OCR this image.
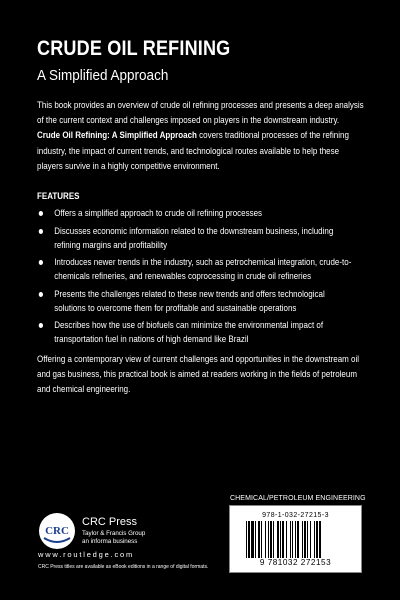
CRUDE OIL REFINING
A Simplified Approach

This book provides an overview of crude oil refining processes and presents a deep analysis of the current context and challenges imposed on players in the downstream industry. Crude Oil Refining: A Simplified Approach covers traditional processes of the refining industry, the impact of current trends, and technological routes available to help these players survive in a highly competitive environment.

FEATURES

Offers a simplified approach to crude oil refining processes
Discusses economic information related to the downstream business, including refining margins and profitability
Introduces newer trends in the industry, such as petrochemical integration, crude-to-chemicals refineries, and renewables coprocessing in crude oil refineries
Presents the challenges related to these new trends and offers technological solutions to overcome them for profitable and sustainable operations
Describes how the use of biofuels can minimize the environmental impact of transportation fuel in nations of high demand like Brazil

Offering a contemporary view of current challenges and opportunities in the downstream oil and gas business, this practical book is aimed at readers working in the fields of petroleum and chemical engineering.

CHEMICAL/PETROLEUM ENGINEERING

978-1-032-27215-3
9 781032 272153
CRC

CRC Press

Taylor & Francis Group

an informa business

www.routledge.com

CRC Press titles are available as eBook editions in a range of digital formats.
